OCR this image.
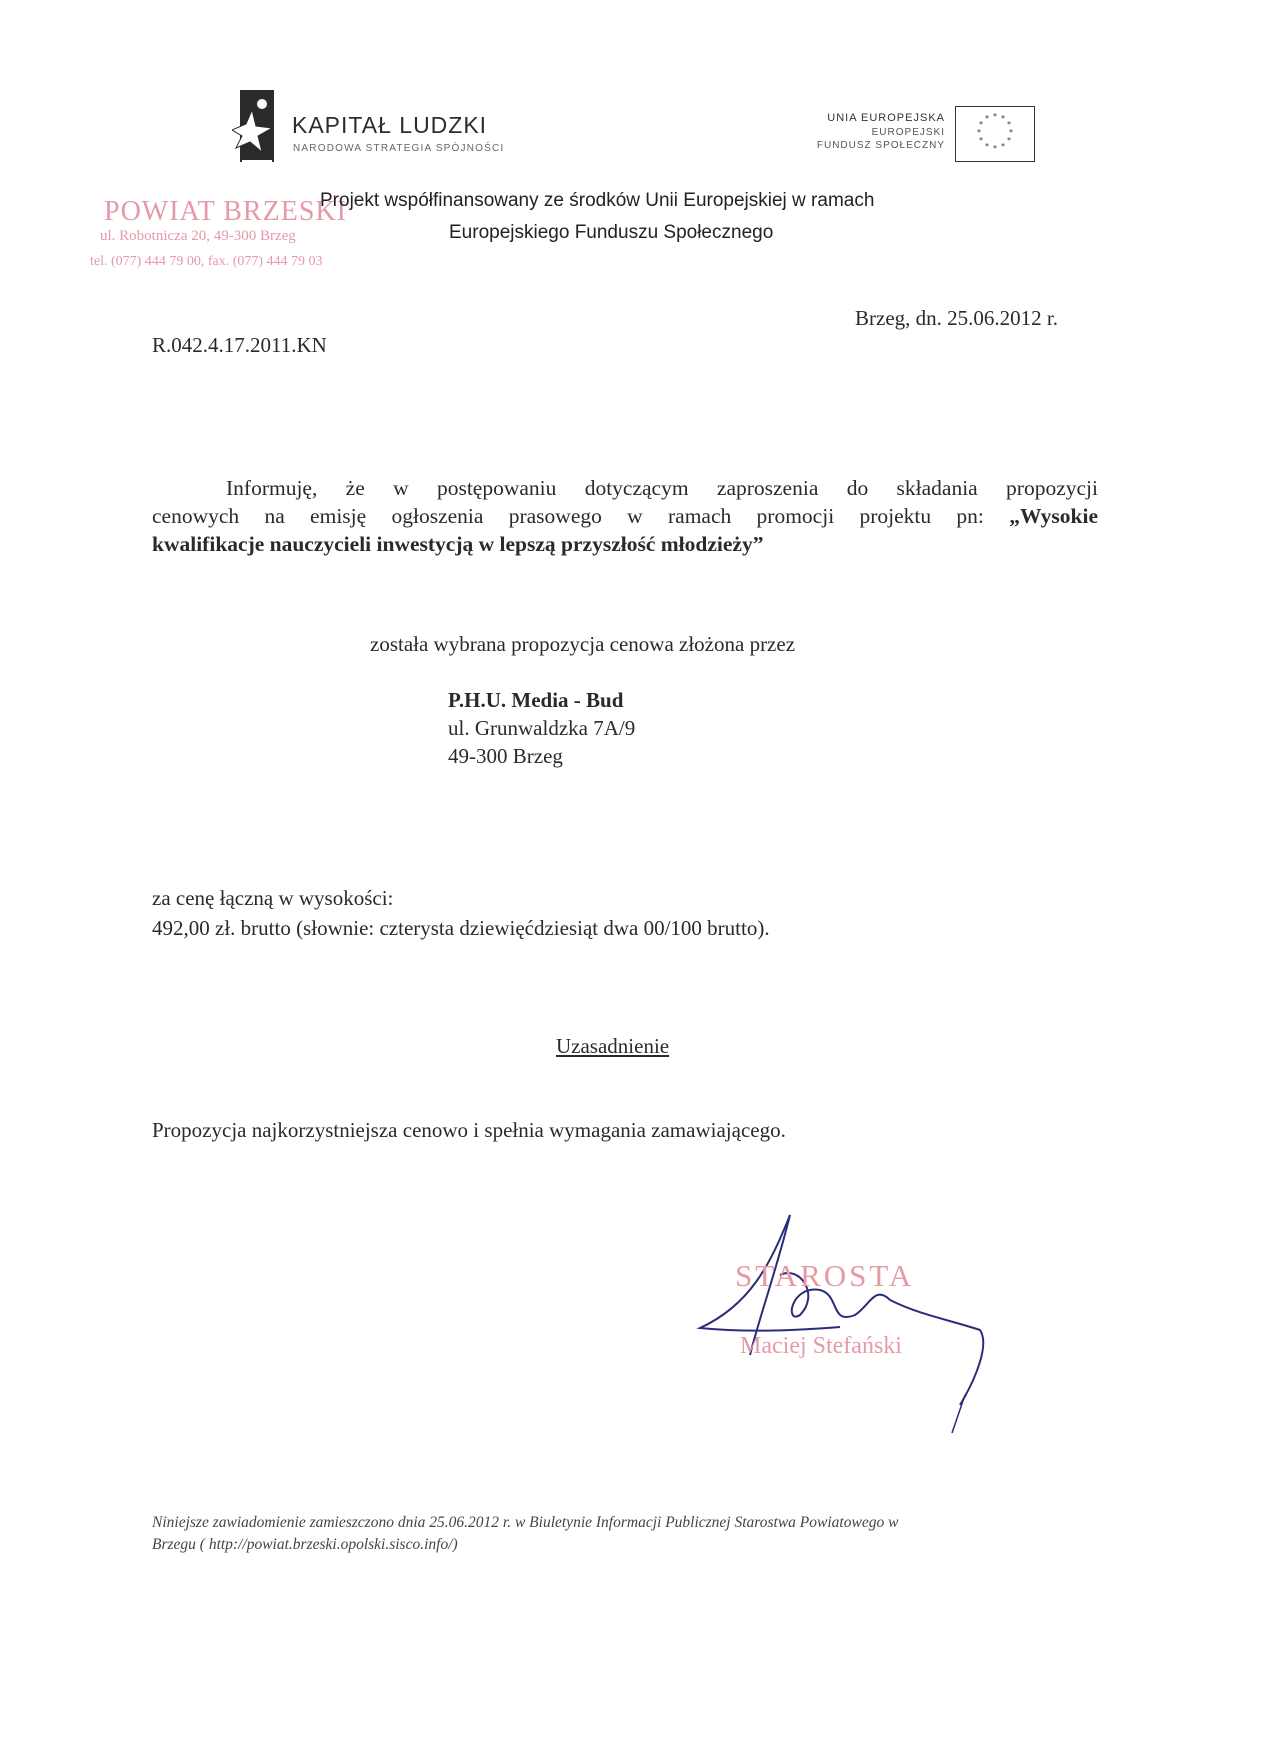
KAPITAŁ LUDZKI
NARODOWA STRATEGIA SPÓJNOŚCI
UNIA EUROPEJSKA
EUROPEJSKI
FUNDUSZ SPOŁECZNY
* *
*
*
*
*
*
*
*
*
*
*
POWIAT BRZESKI
ul. Robotnicza 20, 49-300 Brzeg
tel. (077) 444 79 00, fax. (077) 444 79 03
Projekt współfinansowany ze środków Unii Europejskiej w ramach
Europejskiego Funduszu Społecznego
Brzeg, dn. 25.06.2012 r.
R.042.4.17.2011.KN
Informuję, że w postępowaniu dotyczącym zaproszenia do składania propozycji
cenowych na emisję ogłoszenia prasowego w ramach promocji projektu pn: „Wysokie
kwalifikacje nauczycieli inwestycją w lepszą przyszłość młodzieży”
została wybrana propozycja cenowa złożona przez
P.H.U. Media - Bud
ul. Grunwaldzka 7A/9
49-300 Brzeg
za cenę łączną w wysokości:
492,00 zł. brutto (słownie: czterysta dziewięćdziesiąt dwa 00/100 brutto).
Uzasadnienie
Propozycja najkorzystniejsza cenowo i spełnia wymagania zamawiającego.
STAROSTA
Maciej Stefański
Niniejsze zawiadomienie zamieszczono dnia 25.06.2012 r. w Biuletynie Informacji Publicznej Starostwa Powiatowego w
Brzegu ( http://powiat.brzeski.opolski.sisco.info/)
